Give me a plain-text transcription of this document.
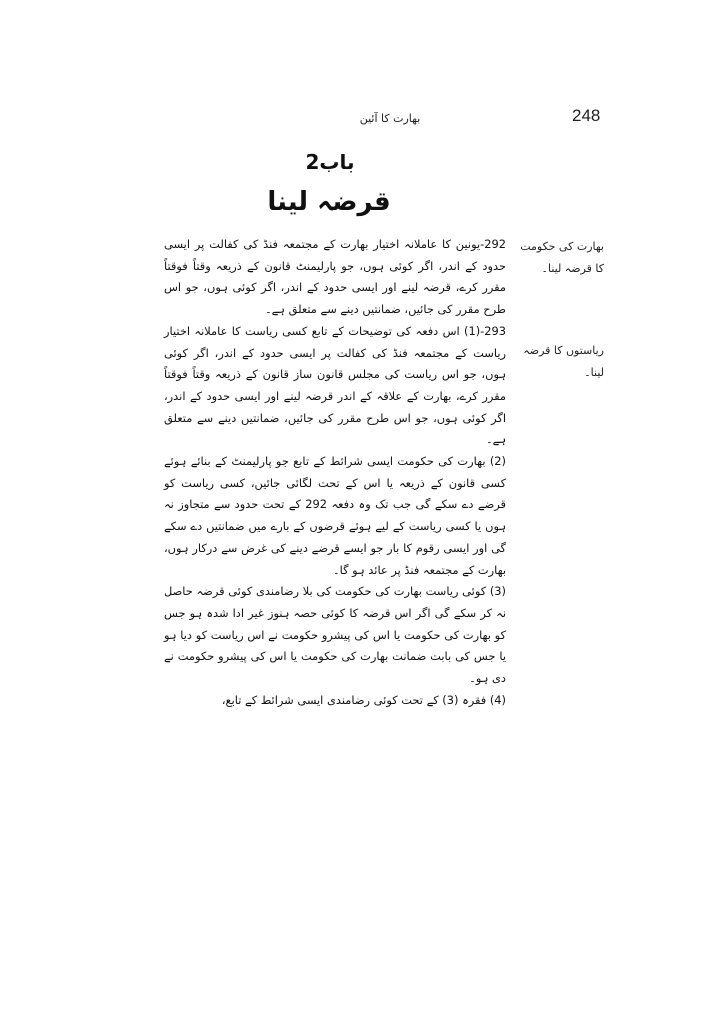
248
بھارت کا آئین
باب2
قرضہ لینا
بھارت کی حکومت کا قرضہ لینا۔
ریاستوں کا قرضہ لینا۔

292-یونین کا عاملانہ اختیار بھارت کے مجتمعہ فنڈ کی کفالت پر ایسی حدود کے اندر، اگر کوئی ہوں، جو پارلیمنٹ قانون کے ذریعہ وقتاً فوقتاً مقرر کرے، قرضہ لینے اور ایسی حدود کے اندر، اگر کوئی ہوں، جو اس طرح مقرر کی جائیں، ضمانتیں دینے سے متعلق ہے۔

293-(1) اس دفعہ کی توضیحات کے تابع کسی ریاست کا عاملانہ اختیار ریاست کے مجتمعہ فنڈ کی کفالت پر ایسی حدود کے اندر، اگر کوئی ہوں، جو اس ریاست کی مجلس قانون ساز قانون کے ذریعہ وقتاً فوقتاً مقرر کرے، بھارت کے علاقہ کے اندر قرضہ لینے اور ایسی حدود کے اندر، اگر کوئی ہوں، جو اس طرح مقرر کی جائیں، ضمانتیں دینے سے متعلق ہے۔

(2) بھارت کی حکومت ایسی شرائط کے تابع جو پارلیمنٹ کے بنائے ہوئے کسی قانون کے ذریعہ یا اس کے تحت لگائی جائیں، کسی ریاست کو قرضے دے سکے گی جب تک وہ دفعہ 292 کے تحت حدود سے متجاوز نہ ہوں یا کسی ریاست کے لیے ہوئے قرضوں کے بارے میں ضمانتیں دے سکے گی اور ایسی رقوم کا بار جو ایسے قرضے دینے کی غرض سے درکار ہوں، بھارت کے مجتمعہ فنڈ پر عائد ہو گا۔

(3) کوئی ریاست بھارت کی حکومت کی بلا رضامندی کوئی قرضہ حاصل نہ کر سکے گی اگر اس قرضہ کا کوئی حصہ ہنوز غیر ادا شدہ ہو جس کو بھارت کی حکومت یا اس کی پیشرو حکومت نے اس ریاست کو دیا ہو یا جس کی بابت ضمانت بھارت کی حکومت یا اس کی پیشرو حکومت نے دی ہو۔

(4) فقرہ (3) کے تحت کوئی رضامندی ایسی شرائط کے تابع،
